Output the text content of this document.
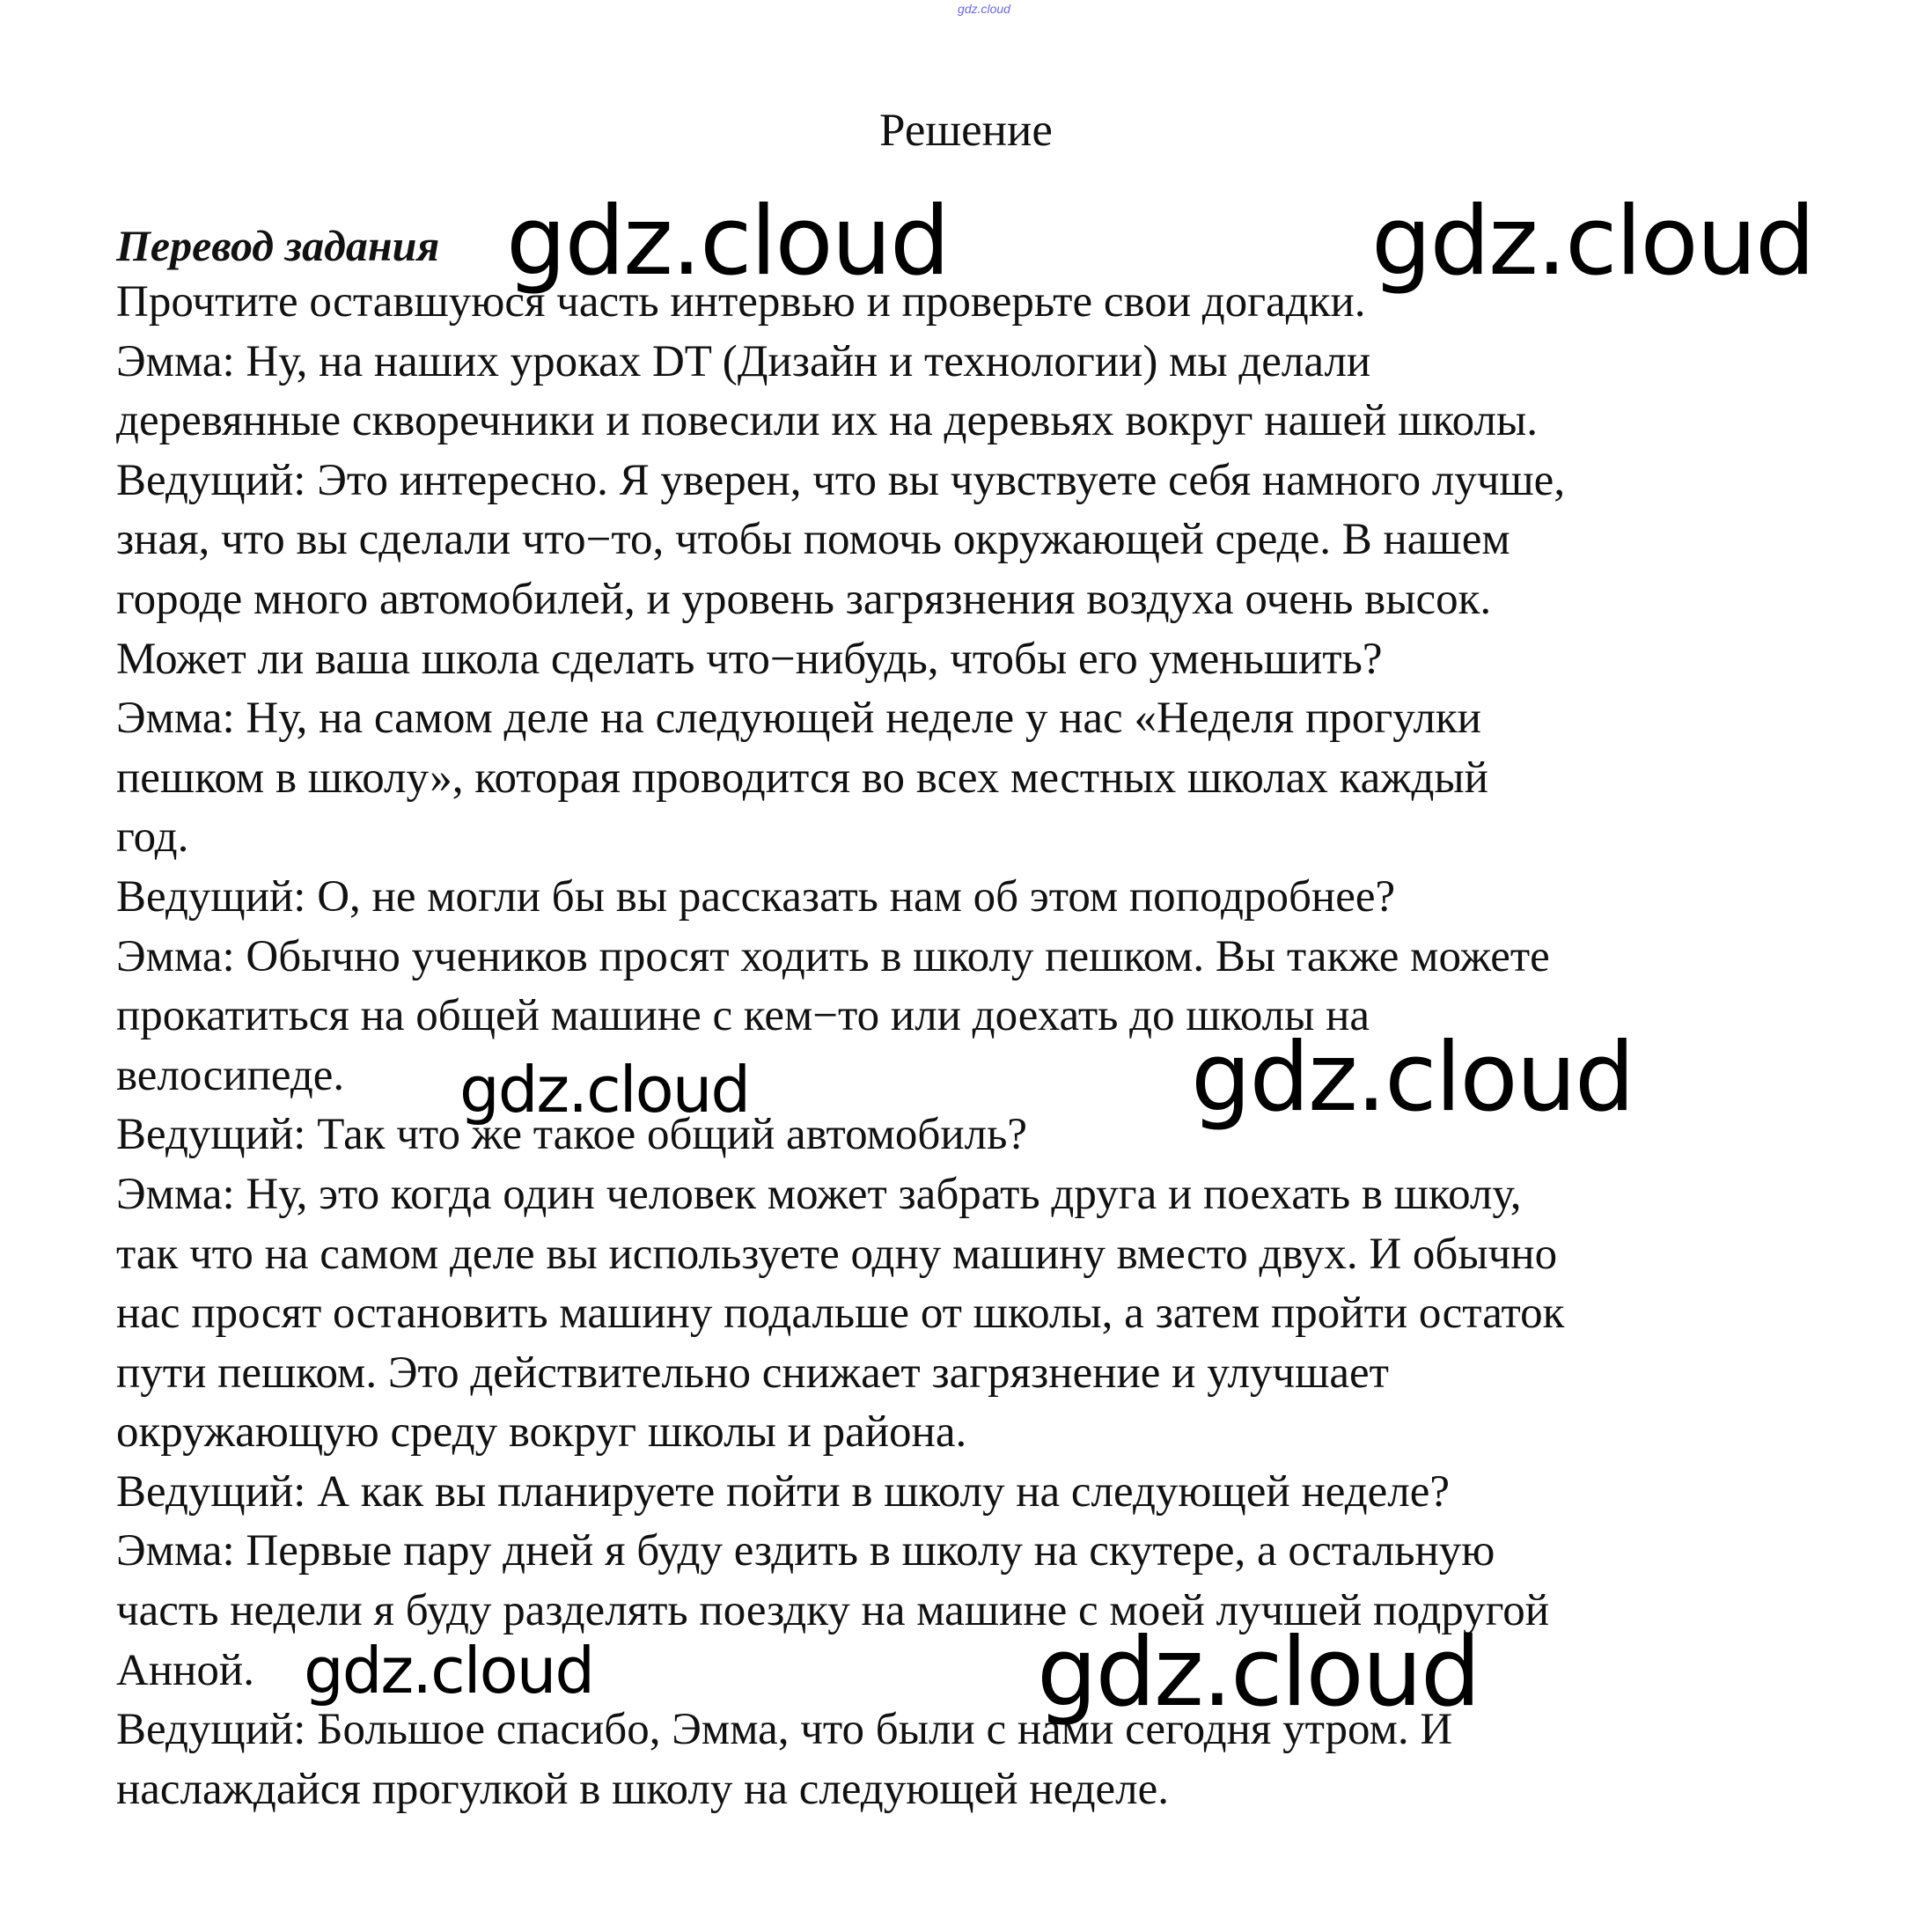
gdz.cloud
Решение
Перевод задания
Прочтите оставшуюся часть интервью и проверьте свои догадки.
Эмма: Ну, на наших уроках DT (Дизайн и технологии) мы делали
деревянные скворечники и повесили их на деревьях вокруг нашей школы.
Ведущий: Это интересно. Я уверен, что вы чувствуете себя намного лучше,
зная, что вы сделали что−то, чтобы помочь окружающей среде. В нашем
городе много автомобилей, и уровень загрязнения воздуха очень высок.
Может ли ваша школа сделать что−нибудь, чтобы его уменьшить?
Эмма: Ну, на самом деле на следующей неделе у нас «Неделя прогулки
пешком в школу», которая проводится во всех местных школах каждый
год.
Ведущий: О, не могли бы вы рассказать нам об этом поподробнее?
Эмма: Обычно учеников просят ходить в школу пешком. Вы также можете
прокатиться на общей машине с кем−то или доехать до школы на
велосипеде.
Ведущий: Так что же такое общий автомобиль?
Эмма: Ну, это когда один человек может забрать друга и поехать в школу,
так что на самом деле вы используете одну машину вместо двух. И обычно
нас просят остановить машину подальше от школы, а затем пройти остаток
пути пешком. Это действительно снижает загрязнение и улучшает
окружающую среду вокруг школы и района.
Ведущий: А как вы планируете пойти в школу на следующей неделе?
Эмма: Первые пару дней я буду ездить в школу на скутере, а остальную
часть недели я буду разделять поездку на машине с моей лучшей подругой
Анной.
Ведущий: Большое спасибо, Эмма, что были с нами сегодня утром. И
наслаждайся прогулкой в школу на следующей неделе.
gdz.cloud	gdz.cloud
gdz.cloud	gdz.cloud
gdz.cloud	gdz.cloud
